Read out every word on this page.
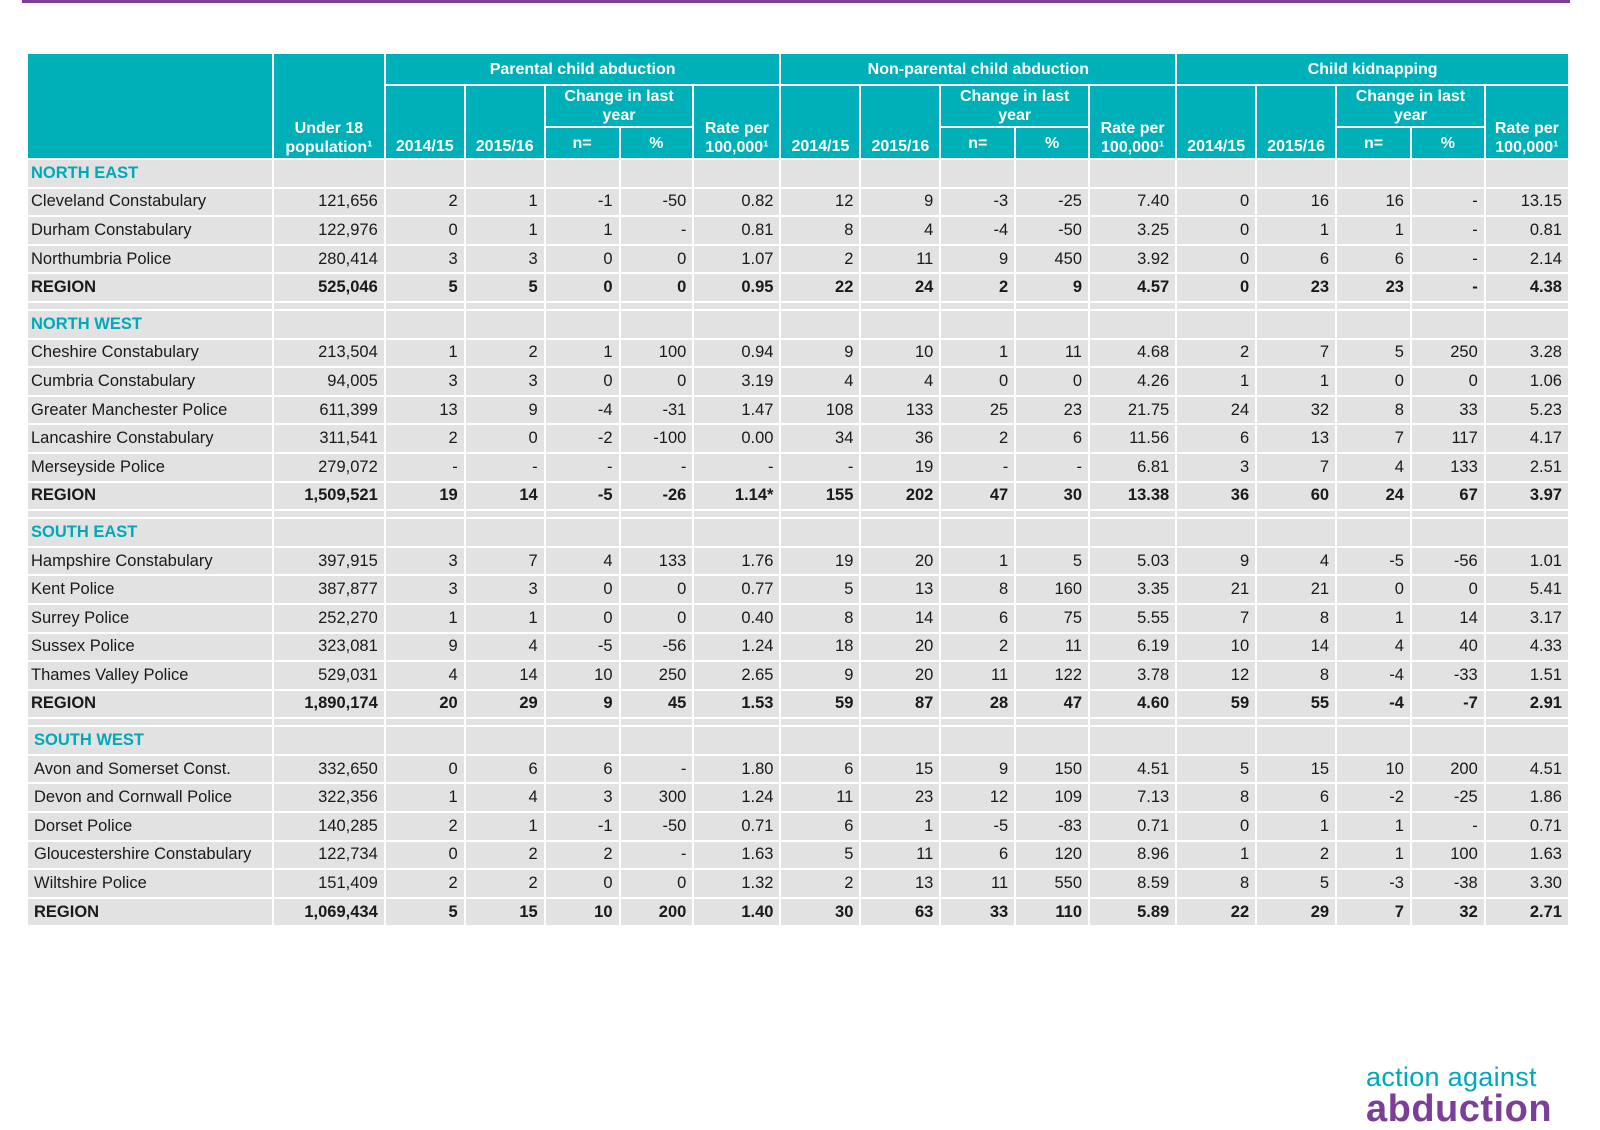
	Under 18 population¹	Parental child abduction					Non-parental child abduction					Child kidnapping				
		2014/15	2015/16	Change in last year		Rate per 100,000¹	2014/15	2015/16	Change in last year		Rate per 100,000¹	2014/15	2015/16	Change in last year		Rate per 100,000¹
				n=	%				n=	%				n=	%	
NORTH EAST																
Cleveland Constabulary	121,656	2	1	-1	-50	0.82	12	9	-3	-25	7.40	0	16	16	-	13.15
Durham Constabulary	122,976	0	1	1	-	0.81	8	4	-4	-50	3.25	0	1	1	-	0.81
Northumbria Police	280,414	3	3	0	0	1.07	2	11	9	450	3.92	0	6	6	-	2.14
REGION	525,046	5	5	0	0	0.95	22	24	2	9	4.57	0	23	23	-	4.38

NORTH WEST																
Cheshire Constabulary	213,504	1	2	1	100	0.94	9	10	1	11	4.68	2	7	5	250	3.28
Cumbria Constabulary	94,005	3	3	0	0	3.19	4	4	0	0	4.26	1	1	0	0	1.06
Greater Manchester Police	611,399	13	9	-4	-31	1.47	108	133	25	23	21.75	24	32	8	33	5.23
Lancashire Constabulary	311,541	2	0	-2	-100	0.00	34	36	2	6	11.56	6	13	7	117	4.17
Merseyside Police	279,072	-	-	-	-	-	-	19	-	-	6.81	3	7	4	133	2.51
REGION	1,509,521	19	14	-5	-26	1.14*	155	202	47	30	13.38	36	60	24	67	3.97

SOUTH EAST																
Hampshire Constabulary	397,915	3	7	4	133	1.76	19	20	1	5	5.03	9	4	-5	-56	1.01
Kent Police	387,877	3	3	0	0	0.77	5	13	8	160	3.35	21	21	0	0	5.41
Surrey Police	252,270	1	1	0	0	0.40	8	14	6	75	5.55	7	8	1	14	3.17
Sussex Police	323,081	9	4	-5	-56	1.24	18	20	2	11	6.19	10	14	4	40	4.33
Thames Valley Police	529,031	4	14	10	250	2.65	9	20	11	122	3.78	12	8	-4	-33	1.51
REGION	1,890,174	20	29	9	45	1.53	59	87	28	47	4.60	59	55	-4	-7	2.91

SOUTH WEST																
Avon and Somerset Const.	332,650	0	6	6	-	1.80	6	15	9	150	4.51	5	15	10	200	4.51
Devon and Cornwall Police	322,356	1	4	3	300	1.24	11	23	12	109	7.13	8	6	-2	-25	1.86
Dorset Police	140,285	2	1	-1	-50	0.71	6	1	-5	-83	0.71	0	1	1	-	0.71
Gloucestershire Constabulary	122,734	0	2	2	-	1.63	5	11	6	120	8.96	1	2	1	100	1.63
Wiltshire Police	151,409	2	2	0	0	1.32	2	13	11	550	8.59	8	5	-3	-38	3.30
REGION	1,069,434	5	15	10	200	1.40	30	63	33	110	5.89	22	29	7	32	2.71
action against
abduction
